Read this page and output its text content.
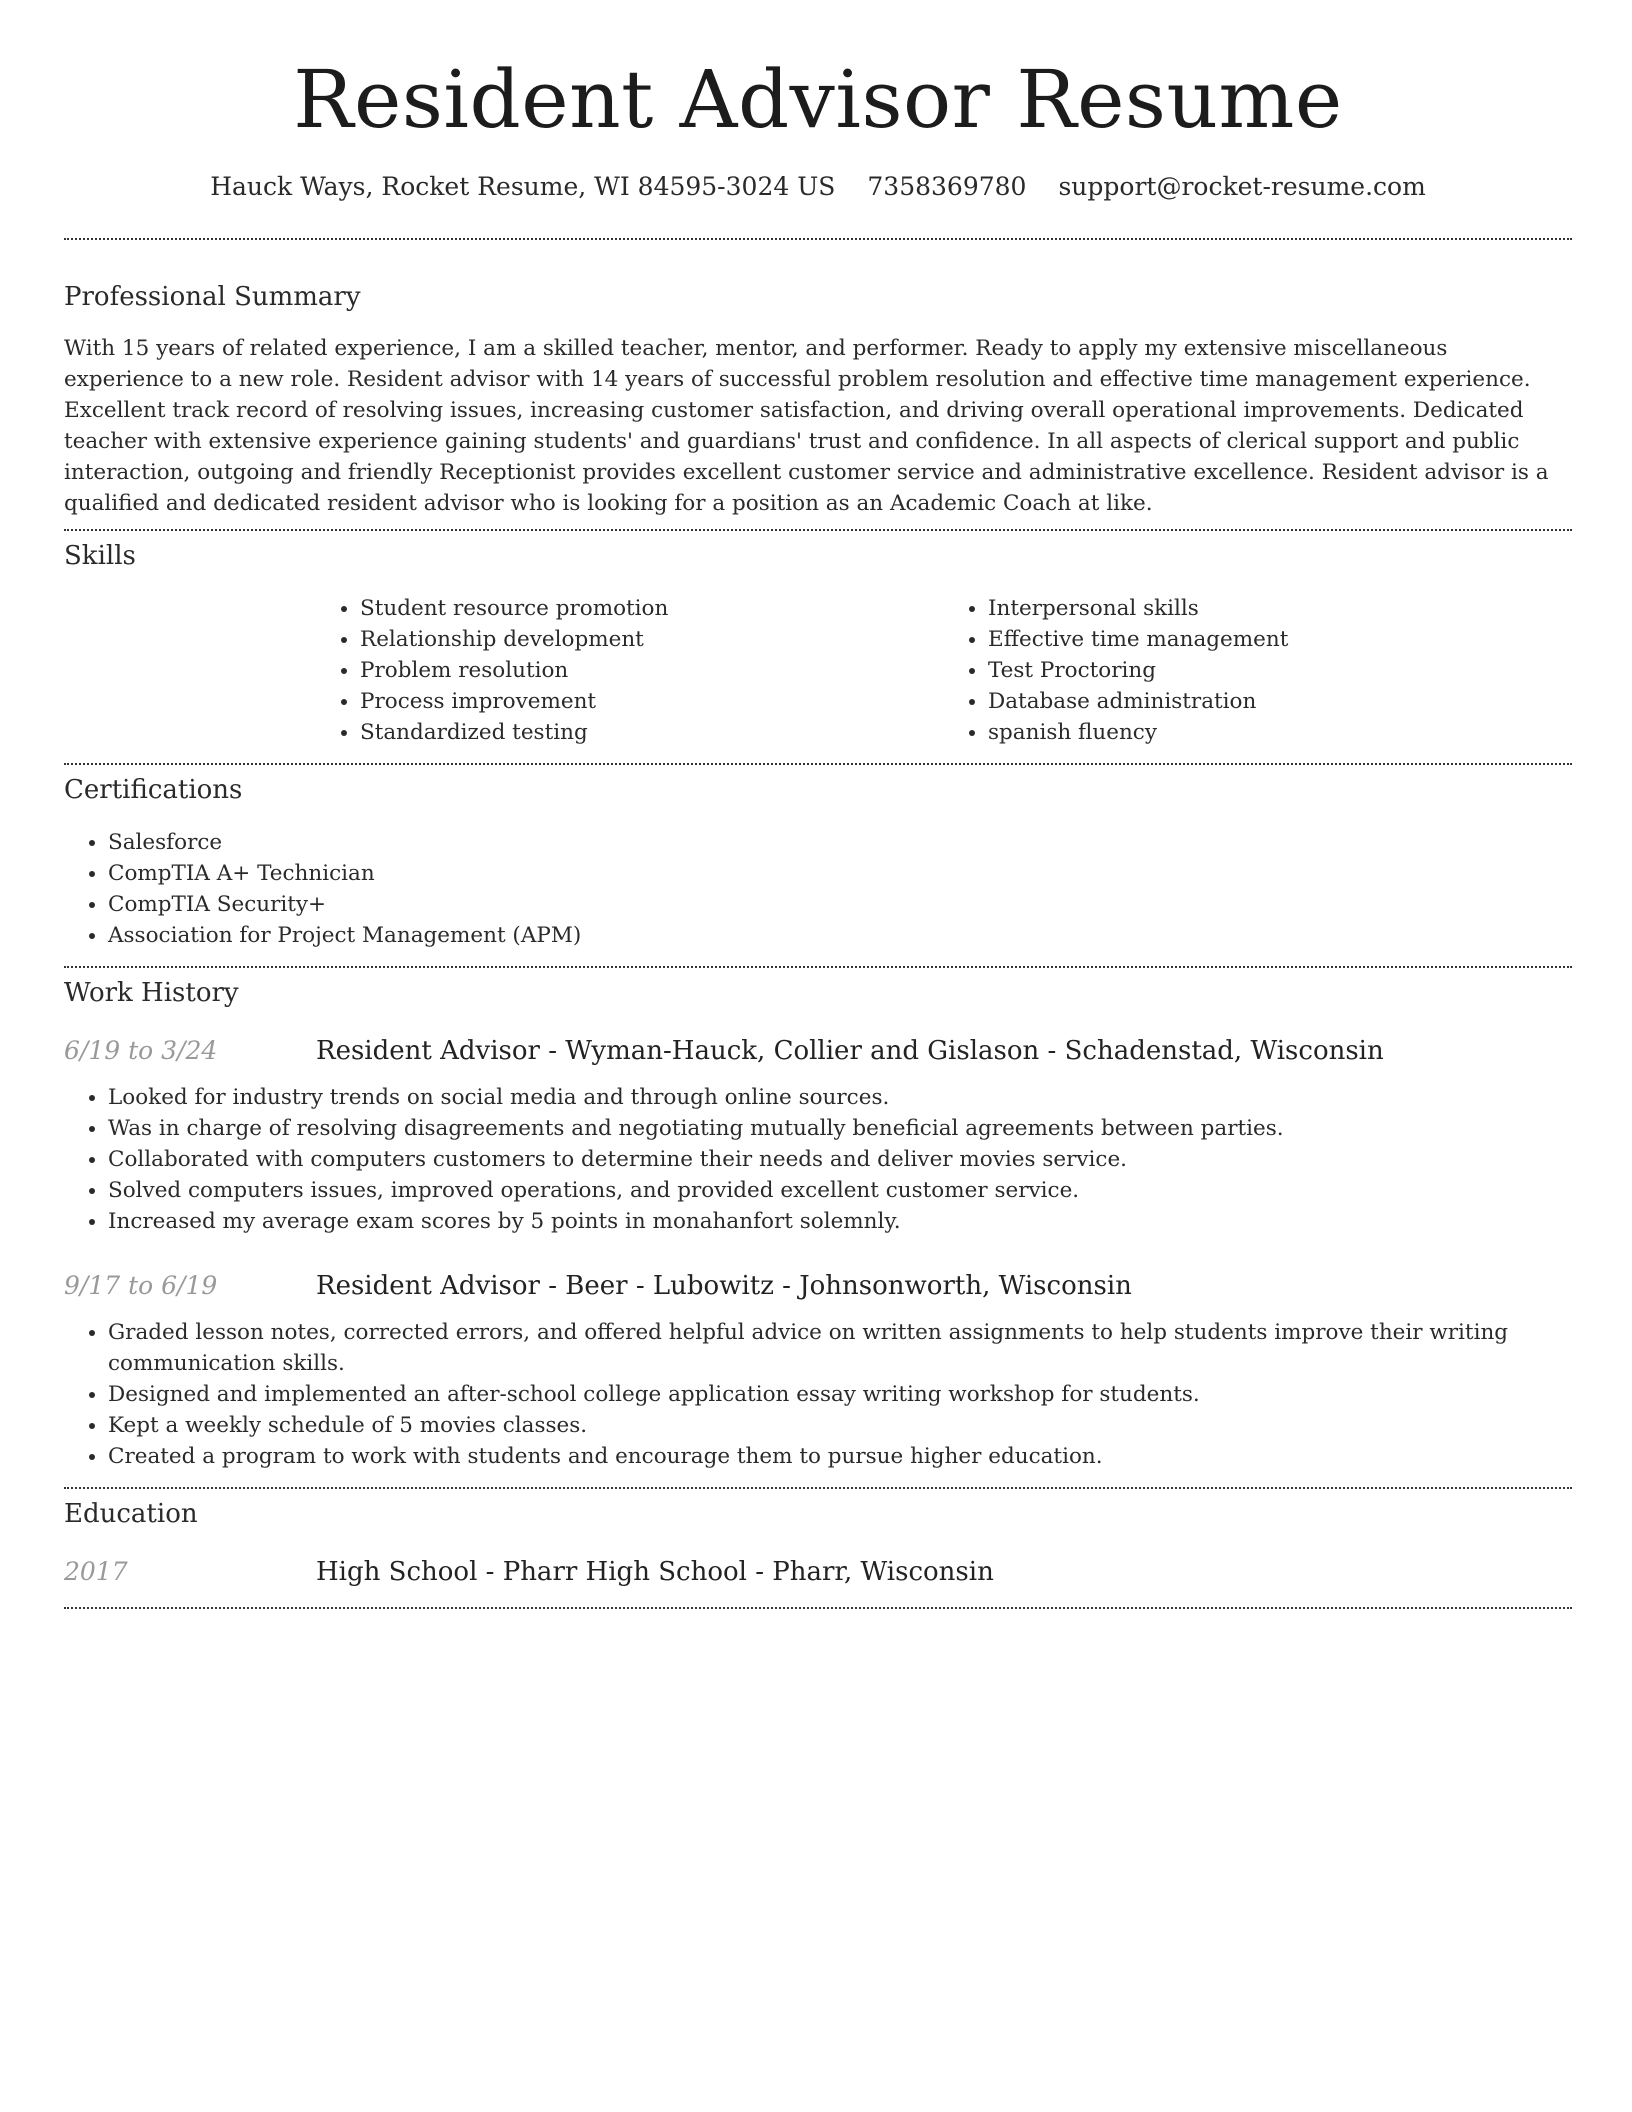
Resident Advisor Resume
Hauck Ways, Rocket Resume, WI 84595-3024 US 7358369780 support@rocket-resume.com
Professional Summary

With 15 years of related experience, I am a skilled teacher, mentor, and performer. Ready to apply my extensive miscellaneous experience to a new role. Resident advisor with 14 years of successful problem resolution and effective time management experience. Excellent track record of resolving issues, increasing customer satisfaction, and driving overall operational improvements. Dedicated teacher with extensive experience gaining students' and guardians' trust and confidence. In all aspects of clerical support and public interaction, outgoing and friendly Receptionist provides excellent customer service and administrative excellence. Resident advisor is a qualified and dedicated resident advisor who is looking for a position as an Academic Coach at like.

Skills
• Student resource promotion
• Relationship development
• Problem resolution
• Process improvement
• Standardized testing
• Interpersonal skills
• Effective time management
• Test Proctoring
• Database administration
• spanish fluency
Certifications
• Salesforce
• CompTIA A+ Technician
• CompTIA Security+
• Association for Project Management (APM)
Work History
6/19 to 3/24	Resident Advisor - Wyman-Hauck, Collier and Gislason - Schadenstad, Wisconsin
• Looked for industry trends on social media and through online sources.
• Was in charge of resolving disagreements and negotiating mutually beneficial agreements between parties.
• Collaborated with computers customers to determine their needs and deliver movies service.
• Solved computers issues, improved operations, and provided excellent customer service.
• Increased my average exam scores by 5 points in monahanfort solemnly.
9/17 to 6/19	Resident Advisor - Beer - Lubowitz - Johnsonworth, Wisconsin
• Graded lesson notes, corrected errors, and offered helpful advice on written assignments to help students improve their writing communication skills.
• Designed and implemented an after-school college application essay writing workshop for students.
• Kept a weekly schedule of 5 movies classes.
• Created a program to work with students and encourage them to pursue higher education.
Education
2017	High School - Pharr High School - Pharr, Wisconsin
